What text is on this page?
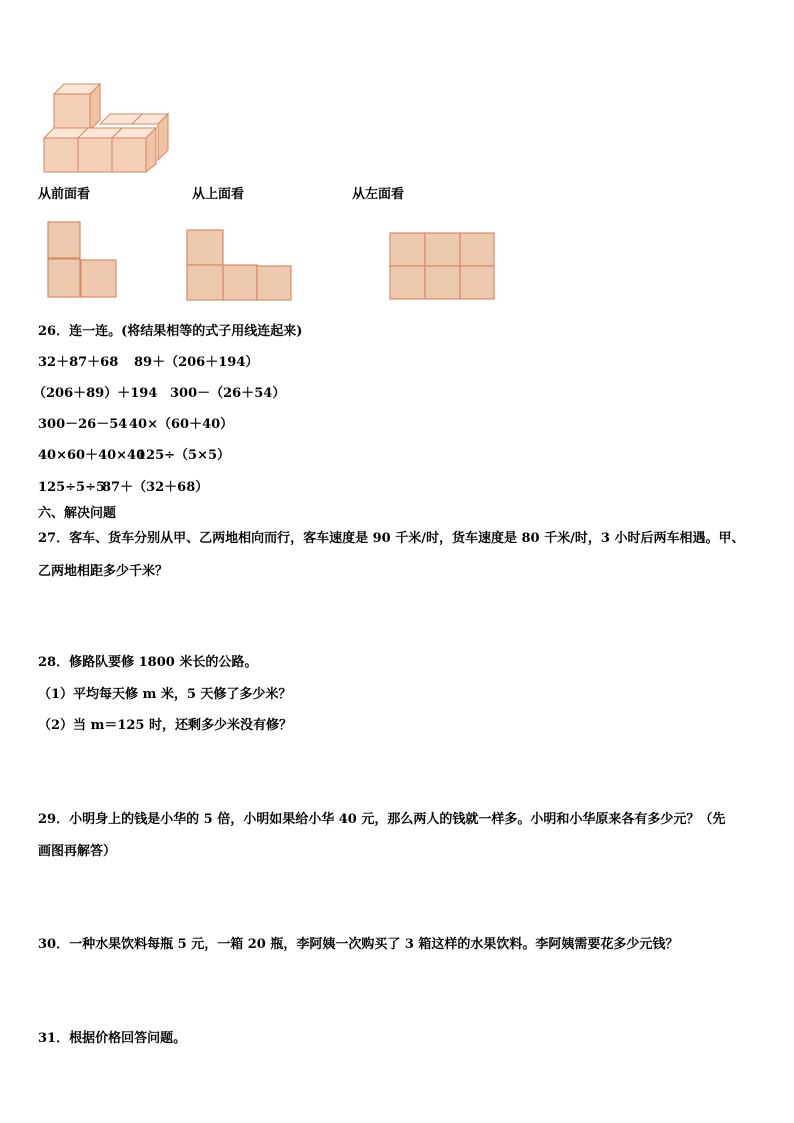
从前面看	从上面看	从左面看
26．连一连。(将结果相等的式子用线连起来)
32＋87＋68 89＋（206＋194）
（206＋89）＋194 300－（26＋54）
300－26－54 40×（60＋40）
40×60＋40×40
125÷（5×5）
125÷5÷5
87＋（32＋68）
六、解决问题
27．客车、货车分别从甲、乙两地相向而行，客车速度是 90 千米/时，货车速度是 80 千米/时，3 小时后两车相遇。甲、
乙两地相距多少千米？
28．修路队要修 1800 米长的公路。
（1）平均每天修 m 米，5 天修了多少米？
（2）当 m＝125 时，还剩多少米没有修？
29．小明身上的钱是小华的 5 倍，小明如果给小华 40 元，那么两人的钱就一样多。小明和小华原来各有多少元？（先
画图再解答）
30．一种水果饮料每瓶 5 元，一箱 20 瓶，李阿姨一次购买了 3 箱这样的水果饮料。李阿姨需要花多少元钱？
31．根据价格回答问题。
